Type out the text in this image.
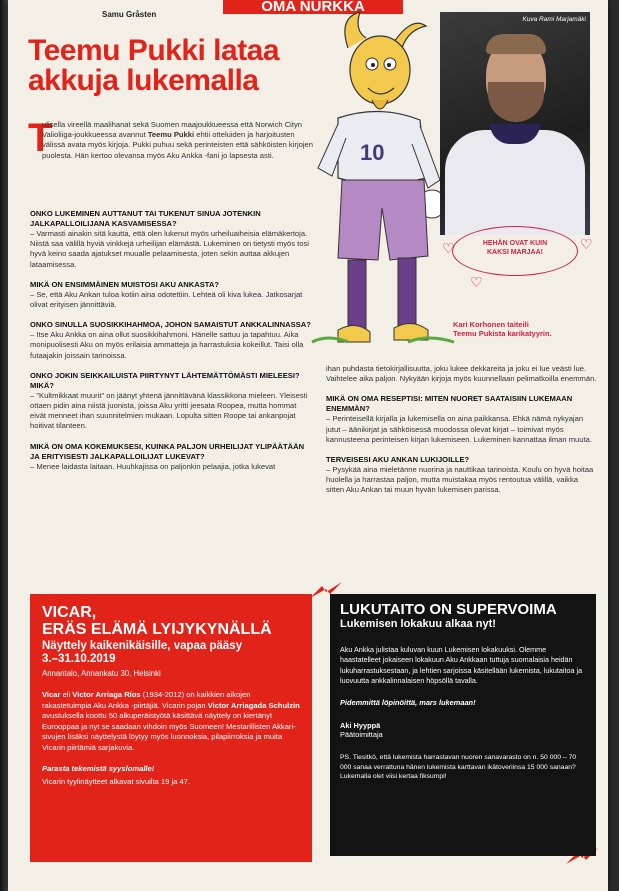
OMA NURKKA
Samu Gråsten
Teemu Pukki lataa
akkuja lukemalla
10
Kuva Rami Marjamäki
HEHÄN OVAT KUIN
KAKSI MARJAA!
♡	♡
♡
Kari Korhonen taiteili
Teemu Pukista karikatyyrin.
T
ulisella vireellä maalihanat sekä Suomen maajoukkueessa että Norwich Cityn Valioliiga-joukkueessa avannut Teemu Pukki ehtii otteluiden ja harjoitusten välissä avata myös kirjoja. Pukki puhuu sekä perinteisten että sähköisten kirjojen puolesta. Hän kertoo olevansa myös Aku Ankka -fani jo lapsesta asti.
ONKO LUKEMINEN AUTTANUT TAI TUKENUT SINUA JOTENKIN JALKAPALLOILIJANA KASVAMISESSA?

– Varmasti ainakin sitä kautta, että olen lukenut myös urheiluaiheisia elämäkertoja. Niistä saa välillä hyviä vinkkejä urheilijan elämästä. Lukeminen on tietysti myös tosi hyvä keino saada ajatukset muualle pelaamisesta, joten sekin auttaa akkujen lataamisessa.

MIKÄ ON ENSIMMÄINEN MUISTOSI AKU ANKASTA?

– Se, että Aku Ankan tuloa kotiin aina odotettiin. Lehteä oli kiva lukea. Jatkosarjat olivat erityisen jännittäviä.

ONKO SINULLA SUOSIKKIHAHMOA, JOHON SAMAISTUT ANKKALINNASSA?

– Itse Aku Ankka on aina ollut suosikkihahmoni. Hänelle sattuu ja tapahtuu. Aika monipuolisesti Aku on myös erilaisia ammatteja ja harrastuksia kokeillut. Taisi olla futaajakin joissain tarinoissa.

ONKO JOKIN SEIKKAILUISTA PIIRTYNYT LÄHTEMÄTTÖMÄSTI MIELEESI? MIKÄ?

– "Kultmikkaat muurit" on jäänyt yhtenä jännittävänä klassikkona mieleen. Yleisesti ottaen pidin aina niistä juonista, joissa Aku yritti jeesata Roopea, mutta hommat eivät menneet ihan suunnitelmien mukaan. Lopulta sitten Roope tai ankanpojat hoitivat tilanteen.

MIKÄ ON OMA KOKEMUKSESI, KUINKA PALJON URHEILIJAT YLIPÄÄTÄÄN JA ERITYISESTI JALKAPALLOILIJAT LUKEVAT?

– Menee laidasta laitaan. Huuhkajissa on paljonkin pelaajia, jotka lukevat

ihan puhdasta tietokirjallisuutta, joku lukee dekkareita ja joku ei lue veästi lue. Vaihtelee aika paljon. Nykyään kirjoja myös kuunnellaan pelimatkoilla enemmän.

MIKÄ ON OMA RESEPTISI: MITEN NUORET SAATAISIIN LUKEMAAN ENEMMÄN?

– Perinteisellä kirjalla ja lukemisella on aina paikkansa. Ehkä nämä nykyajan jutut – äänikirjat ja sähköisessä muodossa olevat kirjat – toimivat myös kannusteena perinteisen kirjan lukemiseen. Lukeminen kannattaa ilman muuta.

TERVEISESI AKU ANKAN LUKIJOILLE?

– Pysykää aina mieletänne nuorina ja nauttikaa tarinoista. Koulu on hyvä hoitaa huolella ja harrastaa paljon, mutta muistakaa myös rentoutua välillä, vaikka sitten Aku Ankan tai muun hyvän lukemisen parissa.

VICAR,
ERÄS ELÄMÄ LYIJYKYNÄLLÄ
Näyttely kaikenikäisille, vapaa pääsy
3.–31.10.2019
Annantalo, Annankatu 30, Helsinki
Vicar eli Victor Arriaga Ríos (1934-2012) on kaikkien aikojen rakastetuimpia Aku Ankka -piirtäjiä. Vicarin pojan Victor Arriagada Schulzin avustuksella koottu 50 alkuperäistyötä käsittävä näyttely on kiertänyt Eurooppaa ja nyt se saadaan vihdoin myös Suomeen! Mestarillisten Akkari-sivujen lisäksi näyttelystä löytyy myös luonnoksia, pilapiirroksia ja muita Vicarin piirtämiä sarjakuvia.
Parasta tekemistä syyslomalle!
Vicarin tyylinäytteet alkavat sivuilta 19 ja 47.
LUKUTAITO ON SUPERVOIMA
Lukemisen lokakuu alkaa nyt!
Aku Ankka julistaa kuluvan kuun Lukemisen lokakuuksi. Olemme haastatelleet jokaiseen lokakuun Aku Ankkaan tuttuja suomalaisia heidän lukuharrastuksestaan, ja lehtien sarjoissa käsitellään lukemista, lukutaitoa ja luovuutta ankkalinnalaisen höpsöllä tavalla.
Pidemmittä löpinöittä, mars lukemaan!
Aki Hyyppä
Päätoimittaja
PS. Tiesitkö, että lukemista harrastavan nuoren sanavarasto on n. 50 000 – 70 000 sanaa verrattuna hänen lukemista karttavan ikätoveriinsa 15 000 sanaan? Lukemalla olet viisi kertaa fiksumpi!
